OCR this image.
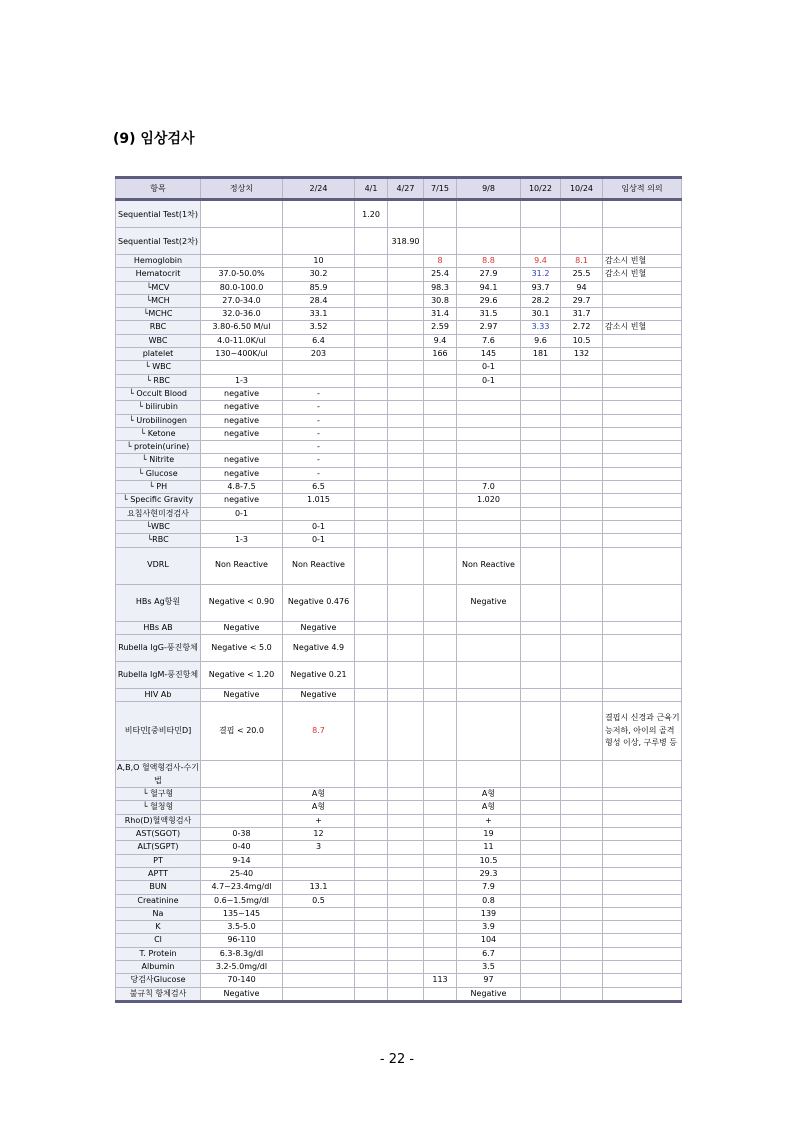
(9) 임상검사
항목	정상치	2/24	4/1	4/27	7/15	9/8	10/22	10/24	임상적 의의
Sequential Test(1차)			1.20						
Sequential Test(2차)				318.90					
Hemoglobin		10			8	8.8	9.4	8.1	감소시 빈혈
Hematocrit	37.0-50.0%	30.2			25.4	27.9	31.2	25.5	감소시 빈혈
└MCV	80.0-100.0	85.9			98.3	94.1	93.7	94	
└MCH	27.0-34.0	28.4			30.8	29.6	28.2	29.7	
└MCHC	32.0-36.0	33.1			31.4	31.5	30.1	31.7	
RBC	3.80-6.50 M/ul	3.52			2.59	2.97	3.33	2.72	감소시 빈혈
WBC	4.0-11.0K/ul	6.4			9.4	7.6	9.6	10.5	
platelet	130~400K/ul	203			166	145	181	132	
└ WBC						0-1			
└ RBC	1-3					0-1			
└ Occult Blood	negative	-							
└ bilirubin	negative	-							
└ Urobilinogen	negative	-							
└ Ketone	negative	-							
└ protein(urine)		-							
└ Nitrite	negative	-							
└ Glucose	negative	-							
└ PH	4.8-7.5	6.5				7.0			
└ Specific Gravity	negative	1.015				1.020			
요침사현미경검사	0-1								
└WBC		0-1							
└RBC	1-3	0-1							
VDRL	Non Reactive	Non Reactive				Non Reactive			
HBs Ag항원	Negative < 0.90	Negative 0.476				Negative			
HBs AB	Negative	Negative							
Rubella IgG-풍진항체	Negative < 5.0	Negative 4.9							
Rubella IgM-풍진항체	Negative < 1.20	Negative 0.21							
HIV Ab	Negative	Negative							
비타민[중비타민D]	결핍 < 20.0	8.7							결핍시 신경과 근육기능저하, 아이의 골격형성 이상, 구루병 등
A,B,O 혈액형검사-수기법									
└ 혈구형		A형				A형			
└ 혈청형		A형				A형			
Rho(D)혈액형검사		+				+			
AST(SGOT)	0-38	12				19			
ALT(SGPT)	0-40	3				11			
PT	9-14					10.5			
APTT	25-40					29.3			
BUN	4.7~23.4mg/dl	13.1				7.9			
Creatinine	0.6~1.5mg/dl	0.5				0.8			
Na	135~145					139			
K	3.5-5.0					3.9			
Cl	96-110					104			
T. Protein	6.3-8.3g/dl					6.7			
Albumin	3.2-5.0mg/dl					3.5			
당검사Glucose	70-140				113	97			
불규칙 항체검사	Negative					Negative			
- 22 -
